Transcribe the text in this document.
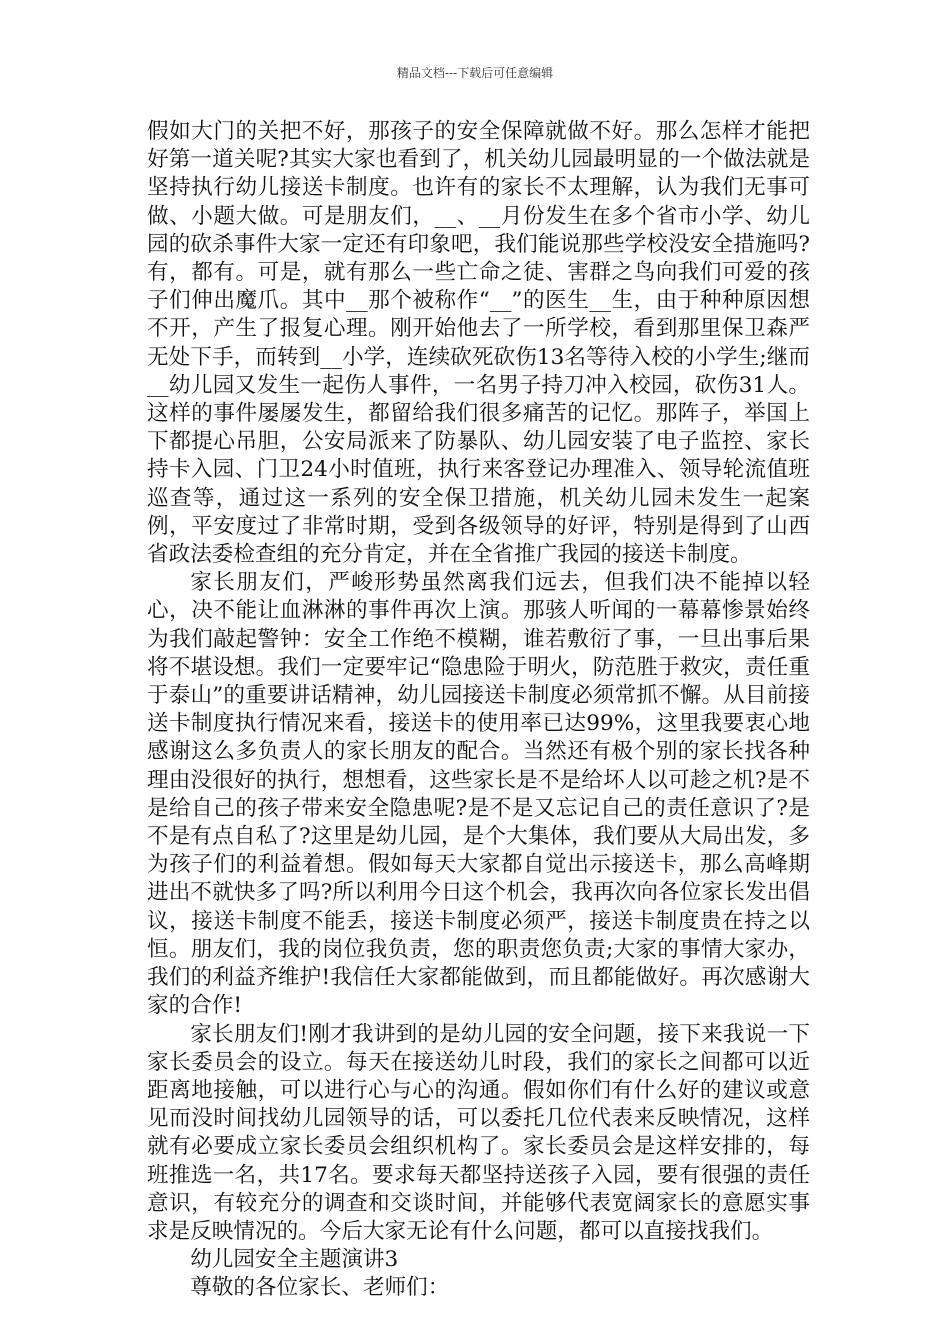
精品文档---下载后可任意编辑

假如大门的关把不好，那孩子的安全保障就做不好。那么怎样才能把好第一道关呢?其实大家也看到了，机关幼儿园最明显的一个做法就是坚持执行幼儿接送卡制度。也许有的家长不太理解，认为我们无事可做、小题大做。可是朋友们，__、__月份发生在多个省市小学、幼儿园的砍杀事件大家一定还有印象吧，我们能说那些学校没安全措施吗?有，都有。可是，就有那么一些亡命之徒、害群之鸟向我们可爱的孩子们伸出魔爪。其中__那个被称作“__”的医生__生，由于种种原因想不开，产生了报复心理。刚开始他去了一所学校，看到那里保卫森严无处下手，而转到__小学，连续砍死砍伤13名等待入校的小学生;继而__幼儿园又发生一起伤人事件，一名男子持刀冲入校园，砍伤31人。这样的事件屡屡发生，都留给我们很多痛苦的记忆。那阵子，举国上下都提心吊胆，公安局派来了防暴队、幼儿园安装了电子监控、家长持卡入园、门卫24小时值班，执行来客登记办理准入、领导轮流值班巡查等，通过这一系列的安全保卫措施，机关幼儿园未发生一起案例，平安度过了非常时期，受到各级领导的好评，特别是得到了山西省政法委检查组的充分肯定，并在全省推广我园的接送卡制度。

家长朋友们，严峻形势虽然离我们远去，但我们决不能掉以轻心，决不能让血淋淋的事件再次上演。那骇人听闻的一幕幕惨景始终为我们敲起警钟：安全工作绝不模糊，谁若敷衍了事，一旦出事后果将不堪设想。我们一定要牢记“隐患险于明火，防范胜于救灾，责任重于泰山”的重要讲话精神，幼儿园接送卡制度必须常抓不懈。从目前接送卡制度执行情况来看，接送卡的使用率已达99%，这里我要衷心地感谢这么多负责人的家长朋友的配合。当然还有极个别的家长找各种理由没很好的执行，想想看，这些家长是不是给坏人以可趁之机?是不是给自己的孩子带来安全隐患呢?是不是又忘记自己的责任意识了?是不是有点自私了?这里是幼儿园，是个大集体，我们要从大局出发，多为孩子们的利益着想。假如每天大家都自觉出示接送卡，那么高峰期进出不就快多了吗?所以利用今日这个机会，我再次向各位家长发出倡议，接送卡制度不能丢，接送卡制度必须严，接送卡制度贵在持之以恒。朋友们，我的岗位我负责，您的职责您负责;大家的事情大家办，我们的利益齐维护!我信任大家都能做到，而且都能做好。再次感谢大家的合作!

家长朋友们!刚才我讲到的是幼儿园的安全问题，接下来我说一下家长委员会的设立。每天在接送幼儿时段，我们的家长之间都可以近距离地接触，可以进行心与心的沟通。假如你们有什么好的建议或意见而没时间找幼儿园领导的话，可以委托几位代表来反映情况，这样就有必要成立家长委员会组织机构了。家长委员会是这样安排的，每班推选一名，共17名。要求每天都坚持送孩子入园，要有很强的责任意识，有较充分的调查和交谈时间，并能够代表宽阔家长的意愿实事求是反映情况的。今后大家无论有什么问题，都可以直接找我们。

幼儿园安全主题演讲3

尊敬的各位家长、老师们：
